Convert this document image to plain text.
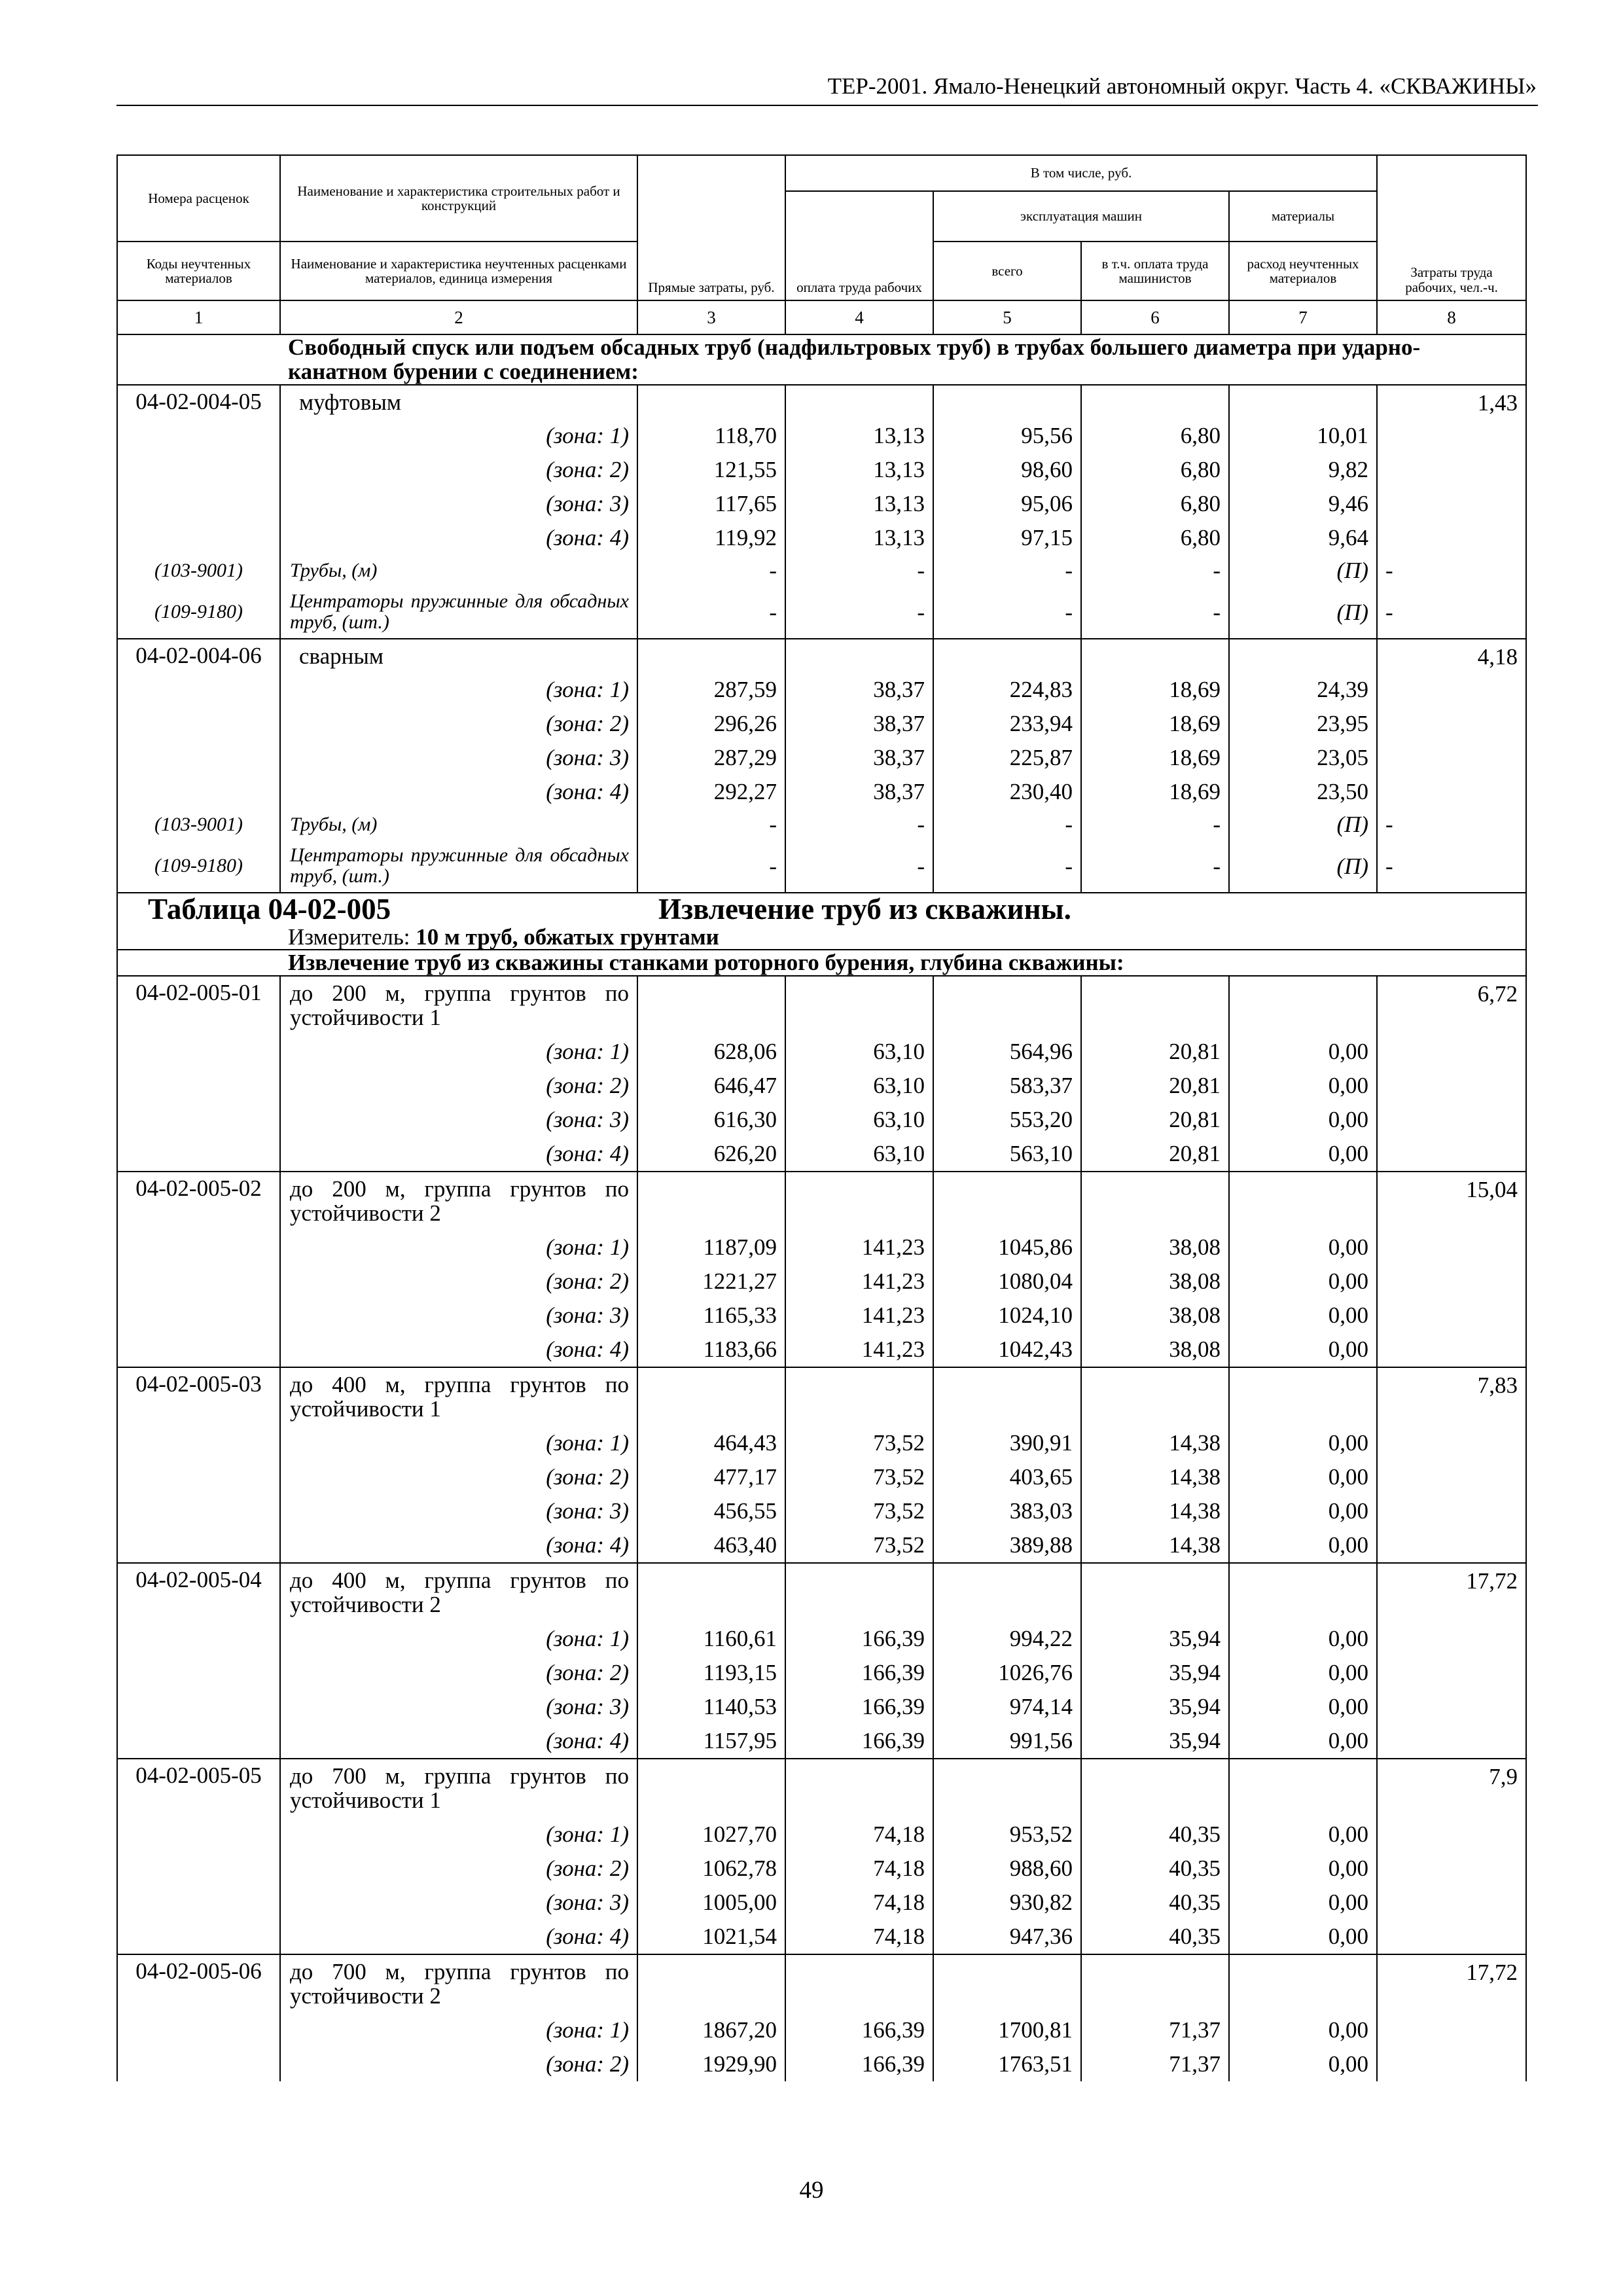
ТЕР-2001. Ямало-Ненецкий автономный округ. Часть 4. «СКВАЖИНЫ»
Номера расценок	Наименование и характеристика строительных работ и конструкций	Прямые затраты, руб.	В том числе, руб.				Затраты труда рабочих, чел.-ч.
			оплата труда рабочих	эксплуатация машин		материалы	
Коды неучтенных материалов	Наименование и характеристика неучтенных расценками материалов, единица измерения			всего	в т.ч. оплата труда машинистов	расход неучтенных материалов	

1	2	3	4	5	6	7	8
	Свободный спуск или подъем обсадных труб (надфильтровых труб) в трубах большего диаметра при ударно-канатном бурении с соединением:						
04-02-004-05	муфтовым						1,43
	(зона: 1)	118,70	13,13	95,56	6,80	10,01	
	(зона: 2)	121,55	13,13	98,60	6,80	9,82	
	(зона: 3)	117,65	13,13	95,06	6,80	9,46	
	(зона: 4)	119,92	13,13	97,15	6,80	9,64	
(103-9001)	Трубы, (м)	-	-	-	-	(П)	-
(109-9180)	Центраторы пружинные для обсадных труб, (шт.)	-	-	-	-	(П)	-
04-02-004-06	сварным						4,18
	(зона: 1)	287,59	38,37	224,83	18,69	24,39	
	(зона: 2)	296,26	38,37	233,94	18,69	23,95	
	(зона: 3)	287,29	38,37	225,87	18,69	23,05	
	(зона: 4)	292,27	38,37	230,40	18,69	23,50	
(103-9001)	Трубы, (м)	-	-	-	-	(П)	-
(109-9180)	Центраторы пружинные для обсадных труб, (шт.)	-	-	-	-	(П)	-
Таблица 04-02-005 Извлечение труб из скважины.							
	Измеритель: 10 м труб, обжатых грунтами						
	Извлечение труб из скважины станками роторного бурения, глубина скважины:						
04-02-005-01	до 200 м, группа грунтов по устойчивости 1						6,72
	(зона: 1)	628,06	63,10	564,96	20,81	0,00	
	(зона: 2)	646,47	63,10	583,37	20,81	0,00	
	(зона: 3)	616,30	63,10	553,20	20,81	0,00	
	(зона: 4)	626,20	63,10	563,10	20,81	0,00	
04-02-005-02	до 200 м, группа грунтов по устойчивости 2						15,04
	(зона: 1)	1187,09	141,23	1045,86	38,08	0,00	
	(зона: 2)	1221,27	141,23	1080,04	38,08	0,00	
	(зона: 3)	1165,33	141,23	1024,10	38,08	0,00	
	(зона: 4)	1183,66	141,23	1042,43	38,08	0,00	
04-02-005-03	до 400 м, группа грунтов по устойчивости 1						7,83
	(зона: 1)	464,43	73,52	390,91	14,38	0,00	
	(зона: 2)	477,17	73,52	403,65	14,38	0,00	
	(зона: 3)	456,55	73,52	383,03	14,38	0,00	
	(зона: 4)	463,40	73,52	389,88	14,38	0,00	
04-02-005-04	до 400 м, группа грунтов по устойчивости 2						17,72
	(зона: 1)	1160,61	166,39	994,22	35,94	0,00	
	(зона: 2)	1193,15	166,39	1026,76	35,94	0,00	
	(зона: 3)	1140,53	166,39	974,14	35,94	0,00	
	(зона: 4)	1157,95	166,39	991,56	35,94	0,00	
04-02-005-05	до 700 м, группа грунтов по устойчивости 1						7,9
	(зона: 1)	1027,70	74,18	953,52	40,35	0,00	
	(зона: 2)	1062,78	74,18	988,60	40,35	0,00	
	(зона: 3)	1005,00	74,18	930,82	40,35	0,00	
	(зона: 4)	1021,54	74,18	947,36	40,35	0,00	
04-02-005-06	до 700 м, группа грунтов по устойчивости 2						17,72
	(зона: 1)	1867,20	166,39	1700,81	71,37	0,00	
	(зона: 2)	1929,90	166,39	1763,51	71,37	0,00	
49
